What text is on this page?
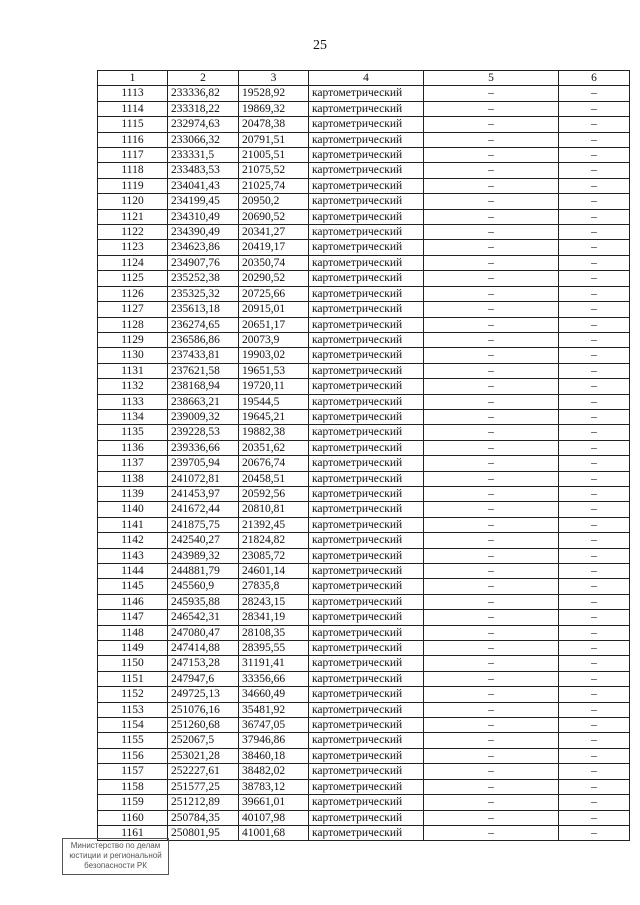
25
1	2	3	4	5	6
1113	233336,82	19528,92	картометрический	–	–
1114	233318,22	19869,32	картометрический	–	–
1115	232974,63	20478,38	картометрический	–	–
1116	233066,32	20791,51	картометрический	–	–
1117	233331,5	21005,51	картометрический	–	–
1118	233483,53	21075,52	картометрический	–	–
1119	234041,43	21025,74	картометрический	–	–
1120	234199,45	20950,2	картометрический	–	–
1121	234310,49	20690,52	картометрический	–	–
1122	234390,49	20341,27	картометрический	–	–
1123	234623,86	20419,17	картометрический	–	–
1124	234907,76	20350,74	картометрический	–	–
1125	235252,38	20290,52	картометрический	–	–
1126	235325,32	20725,66	картометрический	–	–
1127	235613,18	20915,01	картометрический	–	–
1128	236274,65	20651,17	картометрический	–	–
1129	236586,86	20073,9	картометрический	–	–
1130	237433,81	19903,02	картометрический	–	–
1131	237621,58	19651,53	картометрический	–	–
1132	238168,94	19720,11	картометрический	–	–
1133	238663,21	19544,5	картометрический	–	–
1134	239009,32	19645,21	картометрический	–	–
1135	239228,53	19882,38	картометрический	–	–
1136	239336,66	20351,62	картометрический	–	–
1137	239705,94	20676,74	картометрический	–	–
1138	241072,81	20458,51	картометрический	–	–
1139	241453,97	20592,56	картометрический	–	–
1140	241672,44	20810,81	картометрический	–	–
1141	241875,75	21392,45	картометрический	–	–
1142	242540,27	21824,82	картометрический	–	–
1143	243989,32	23085,72	картометрический	–	–
1144	244881,79	24601,14	картометрический	–	–
1145	245560,9	27835,8	картометрический	–	–
1146	245935,88	28243,15	картометрический	–	–
1147	246542,31	28341,19	картометрический	–	–
1148	247080,47	28108,35	картометрический	–	–
1149	247414,88	28395,55	картометрический	–	–
1150	247153,28	31191,41	картометрический	–	–
1151	247947,6	33356,66	картометрический	–	–
1152	249725,13	34660,49	картометрический	–	–
1153	251076,16	35481,92	картометрический	–	–
1154	251260,68	36747,05	картометрический	–	–
1155	252067,5	37946,86	картометрический	–	–
1156	253021,28	38460,18	картометрический	–	–
1157	252227,61	38482,02	картометрический	–	–
1158	251577,25	38783,12	картометрический	–	–
1159	251212,89	39661,01	картометрический	–	–
1160	250784,35	40107,98	картометрический	–	–
1161	250801,95	41001,68	картометрический	–	–
Министерство по делам
юстиции и региональной
безопасности РК
